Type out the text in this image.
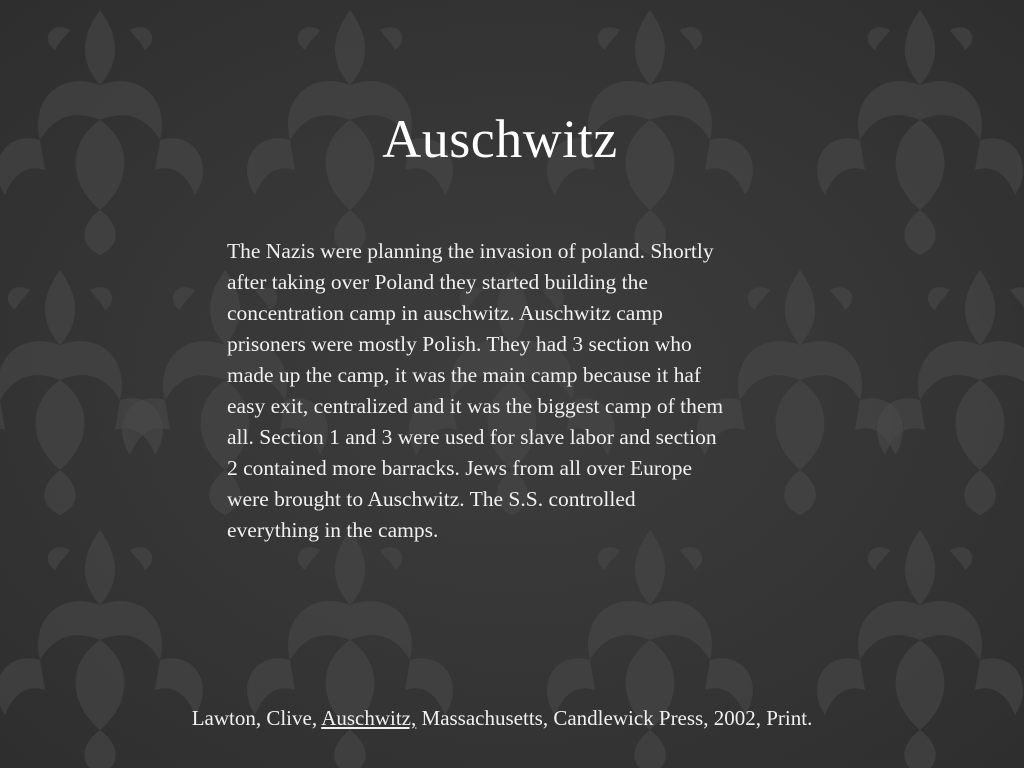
Auschwitz
The Nazis were planning the invasion of poland. Shortly
after taking over Poland they started building the
concentration camp in auschwitz. Auschwitz camp
prisoners were mostly Polish. They had 3 section who
made up the camp, it was the main camp because it haf
easy exit, centralized and it was the biggest camp of them
all. Section 1 and 3 were used for slave labor and section
2 contained more barracks. Jews from all over Europe
were brought to Auschwitz. The S.S. controlled
everything in the camps.
Lawton, Clive, Auschwitz, Massachusetts, Candlewick Press, 2002, Print.
